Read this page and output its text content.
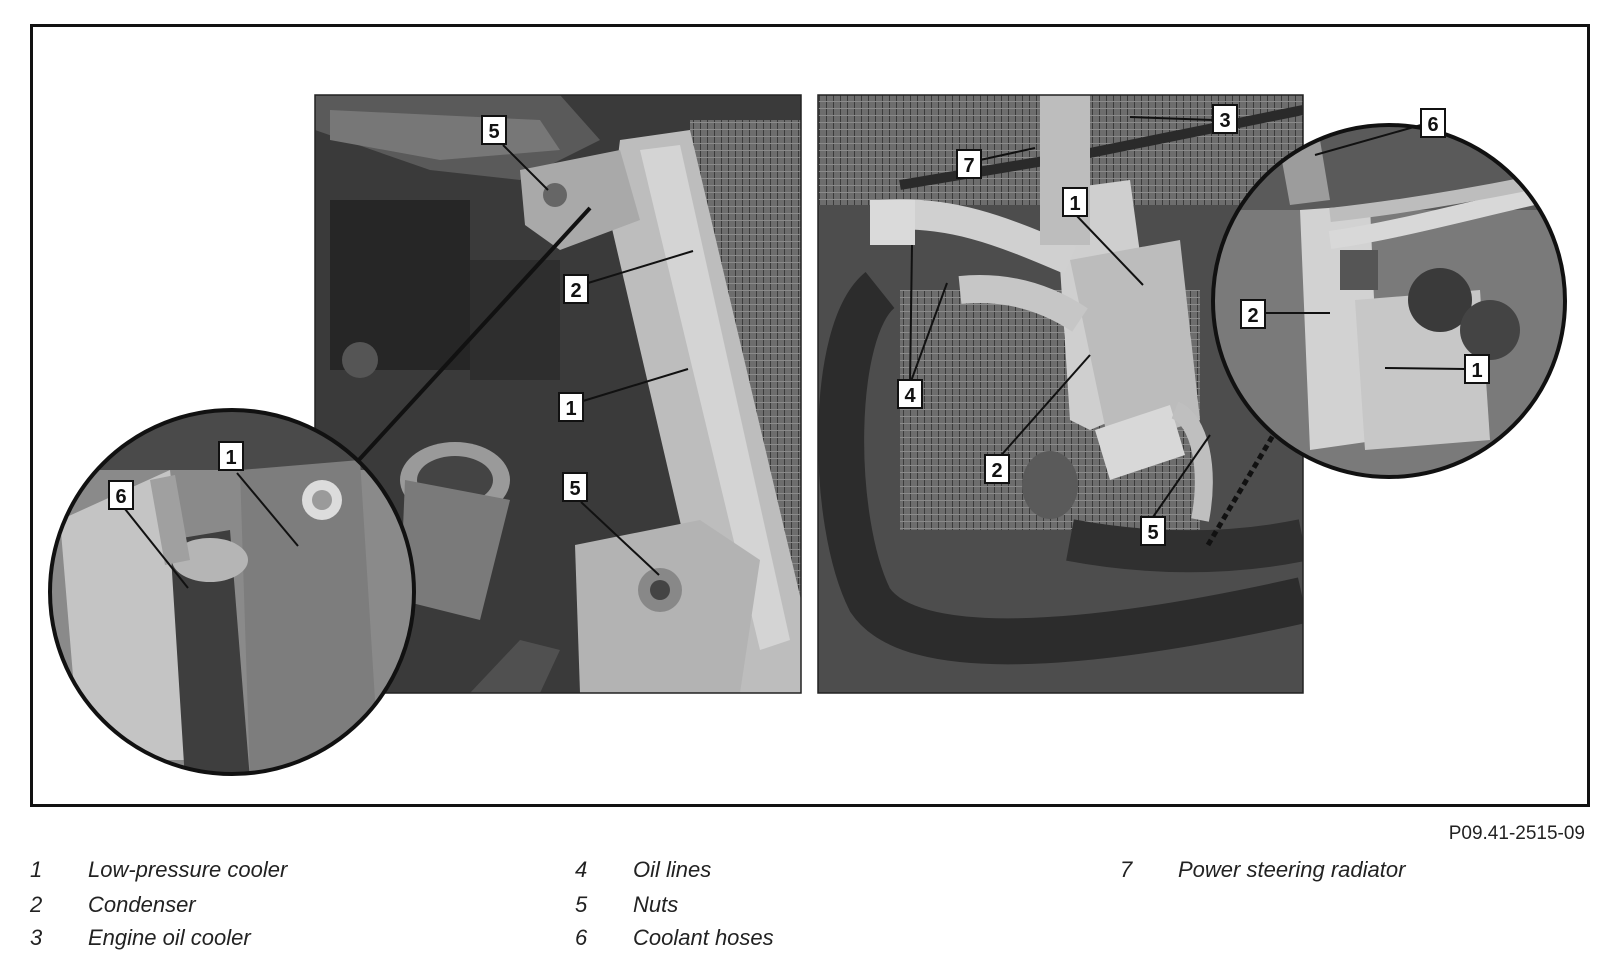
5
2
1
5
1
6
7
3
1
4
2
5
6
2
1
P09.41-2515-09
1 Low-pressure cooler
2 Condenser
3 Engine oil cooler
4 Oil lines
5 Nuts
6 Coolant hoses
7 Power steering radiator
